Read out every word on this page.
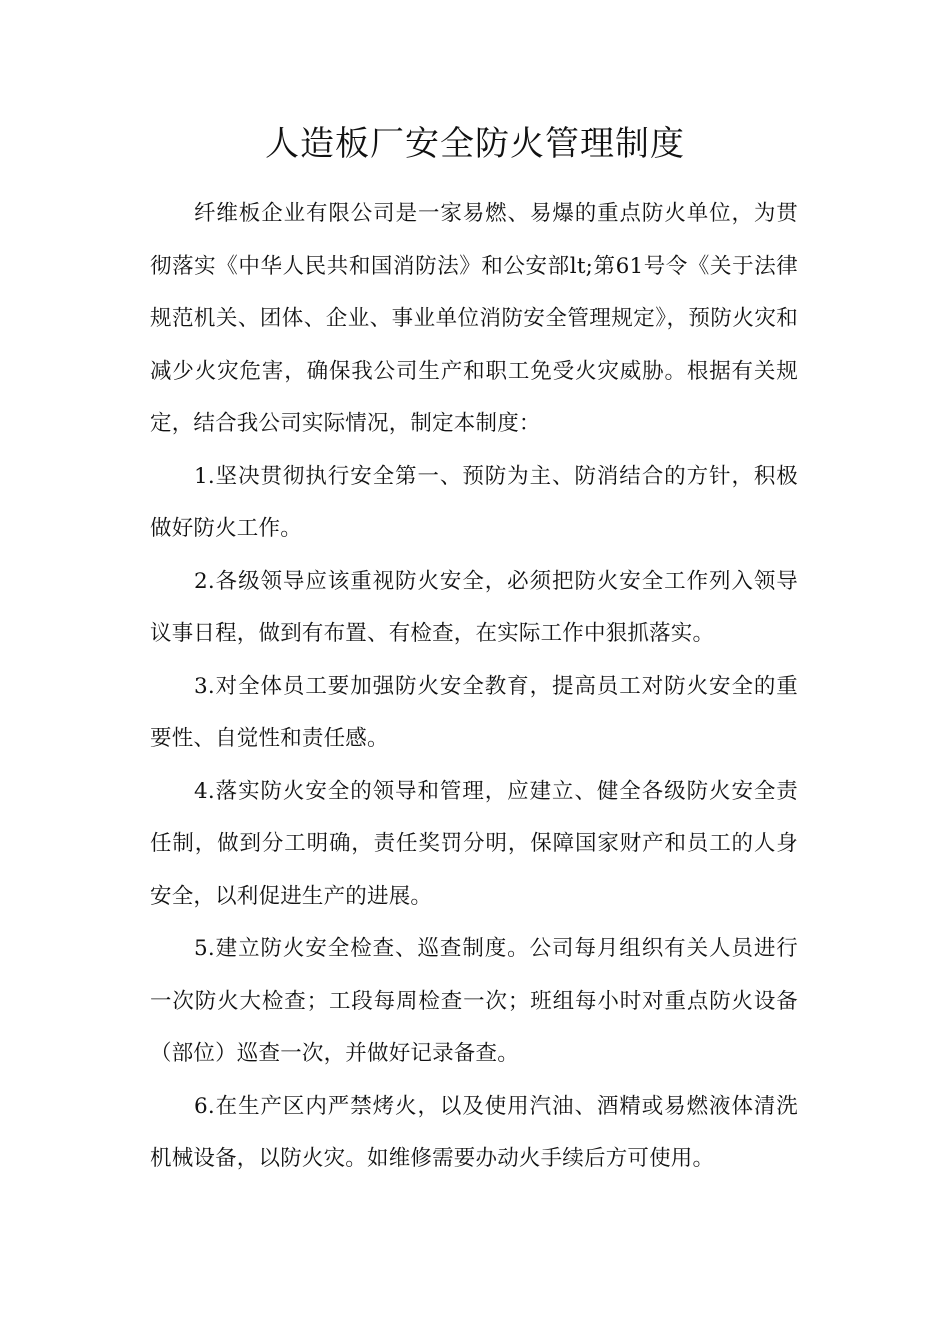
人造板厂安全防火管理制度

纤维板企业有限公司是一家易燃、易爆的重点防火单位，为贯彻落实《中华人民共和国消防法》和公安部lt;第61号令《关于法律规范机关、团体、企业、事业单位消防安全管理规定》，预防火灾和减少火灾危害，确保我公司生产和职工免受火灾威胁。根据有关规定，结合我公司实际情况，制定本制度：

1.坚决贯彻执行安全第一、预防为主、防消结合的方针，积极做好防火工作。

2.各级领导应该重视防火安全，必须把防火安全工作列入领导议事日程，做到有布置、有检查，在实际工作中狠抓落实。

3.对全体员工要加强防火安全教育，提高员工对防火安全的重要性、自觉性和责任感。

4.落实防火安全的领导和管理，应建立、健全各级防火安全责任制，做到分工明确，责任奖罚分明，保障国家财产和员工的人身安全，以利促进生产的进展。

5.建立防火安全检查、巡查制度。公司每月组织有关人员进行一次防火大检查；工段每周检查一次；班组每小时对重点防火设备（部位）巡查一次，并做好记录备查。

6.在生产区内严禁烤火，以及使用汽油、酒精或易燃液体清洗机械设备，以防火灾。如维修需要办动火手续后方可使用。
